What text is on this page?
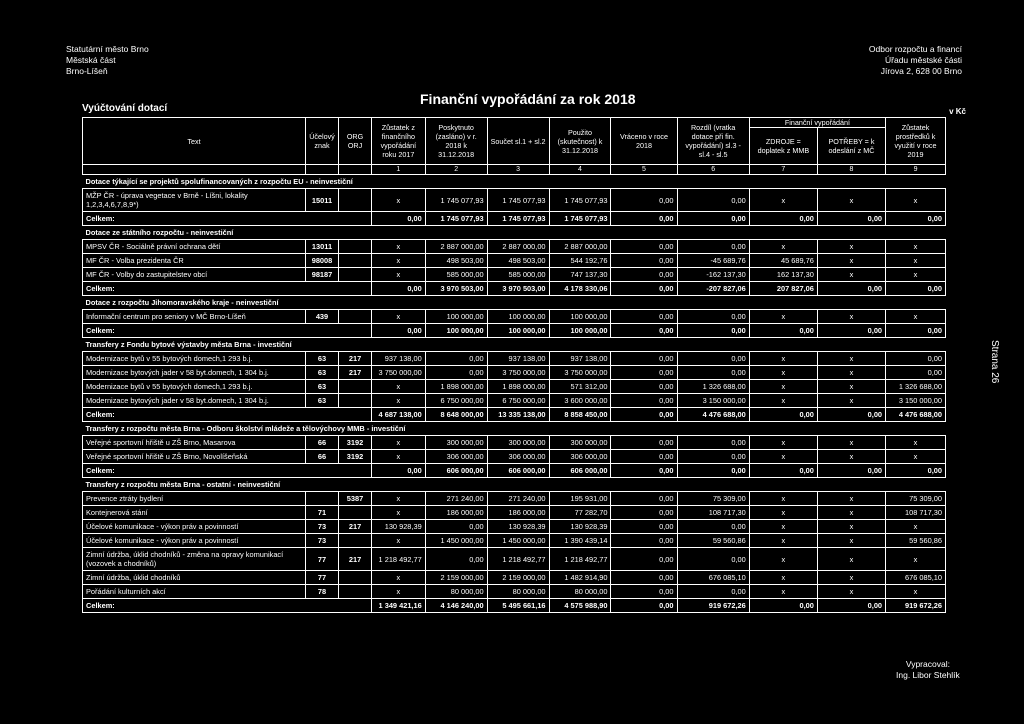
Statutární město Brno
Městská část
Brno-Líšeň
Odbor rozpočtu a financí
Úřadu městské části
Jírova 2, 628 00 Brno
Finanční vypořádání za rok 2018
Vyúčtování dotací	v Kč
Strana 26
Text	Účelový znak	ORG ORJ	Zůstatek z finančního vypořádání roku 2017	Poskytnuto (zasláno) v r. 2018 k 31.12.2018	Součet sl.1 + sl.2	Použito (skutečnost) k 31.12.2018	Vráceno v roce 2018	Rozdíl (vratka dotace při fin. vypořádání) sl.3 - sl.4 - sl.5	Finanční vypořádání		Zůstatek prostředků k využití v roce 2019
									ZDROJE = doplatek z MMB	POTŘEBY = k odeslání z MČ	
			1	2	3	4	5	6	7	8	9
Dotace týkající se projektů spolufinancovaných z rozpočtu EU - neinvestiční											
MŽP ČR - úprava vegetace v Brně - Líšni, lokality 1,2,3,4,6,7,8,9*)	15011		x	1 745 077,93	1 745 077,93	1 745 077,93	0,00	0,00	x	x	x
Celkem:			0,00	1 745 077,93	1 745 077,93	1 745 077,93	0,00	0,00	0,00	0,00	0,00
Dotace ze státního rozpočtu - neinvestiční											
MPSV ČR - Sociálně právní ochrana dětí	13011		x	2 887 000,00	2 887 000,00	2 887 000,00	0,00	0,00	x	x	x
MF ČR - Volba prezidenta ČR	98008		x	498 503,00	498 503,00	544 192,76	0,00	-45 689,76	45 689,76	x	x
MF ČR - Volby do zastupitelstev obcí	98187		x	585 000,00	585 000,00	747 137,30	0,00	-162 137,30	162 137,30	x	x
Celkem:			0,00	3 970 503,00	3 970 503,00	4 178 330,06	0,00	-207 827,06	207 827,06	0,00	0,00
Dotace z rozpočtu Jihomoravského kraje - neinvestiční											
Informační centrum pro seniory v MČ Brno-Líšeň	439		x	100 000,00	100 000,00	100 000,00	0,00	0,00	x	x	x
Celkem:			0,00	100 000,00	100 000,00	100 000,00	0,00	0,00	0,00	0,00	0,00
Transfery z Fondu bytové výstavby města Brna - investiční											
Modernizace bytů v 55 bytových domech,1 293 b.j.	63	217	937 138,00	0,00	937 138,00	937 138,00	0,00	0,00	x	x	0,00
Modernizace bytových jader v 58 byt.domech, 1 304 b.j.	63	217	3 750 000,00	0,00	3 750 000,00	3 750 000,00	0,00	0,00	x	x	0,00
Modernizace bytů v 55 bytových domech,1 293 b.j.	63		x	1 898 000,00	1 898 000,00	571 312,00	0,00	1 326 688,00	x	x	1 326 688,00
Modernizace bytových jader v 58 byt.domech, 1 304 b.j.	63		x	6 750 000,00	6 750 000,00	3 600 000,00	0,00	3 150 000,00	x	x	3 150 000,00
Celkem:			4 687 138,00	8 648 000,00	13 335 138,00	8 858 450,00	0,00	4 476 688,00	0,00	0,00	4 476 688,00
Transfery z rozpočtu města Brna - Odboru školství mládeže a tělovýchovy MMB - investiční											
Veřejné sportovní hřiště u ZŠ Brno, Masarova	66	3192	x	300 000,00	300 000,00	300 000,00	0,00	0,00	x	x	x
Veřejné sportovní hřiště u ZŠ Brno, Novolíšeňská	66	3192	x	306 000,00	306 000,00	306 000,00	0,00	0,00	x	x	x
Celkem:			0,00	606 000,00	606 000,00	606 000,00	0,00	0,00	0,00	0,00	0,00
Transfery z rozpočtu města Brna - ostatní - neinvestiční											
Prevence ztráty bydlení		5387	x	271 240,00	271 240,00	195 931,00	0,00	75 309,00	x	x	75 309,00
Kontejnerová stání	71		x	186 000,00	186 000,00	77 282,70	0,00	108 717,30	x	x	108 717,30
Účelové komunikace - výkon práv a povinností	73	217	130 928,39	0,00	130 928,39	130 928,39	0,00	0,00	x	x	x
Účelové komunikace - výkon práv a povinností	73		x	1 450 000,00	1 450 000,00	1 390 439,14	0,00	59 560,86	x	x	59 560,86
Zimní údržba, úklid chodníků - změna na opravy komunikací (vozovek a chodníků)	77	217	1 218 492,77	0,00	1 218 492,77	1 218 492,77	0,00	0,00	x	x	x
Zimní údržba, úklid chodníků	77		x	2 159 000,00	2 159 000,00	1 482 914,90	0,00	676 085,10	x	x	676 085,10
Pořádání kulturních akcí	78		x	80 000,00	80 000,00	80 000,00	0,00	0,00	x	x	x
Celkem:			1 349 421,16	4 146 240,00	5 495 661,16	4 575 988,90	0,00	919 672,26	0,00	0,00	919 672,26
Vypracoval:
Ing. Libor Stehlík
